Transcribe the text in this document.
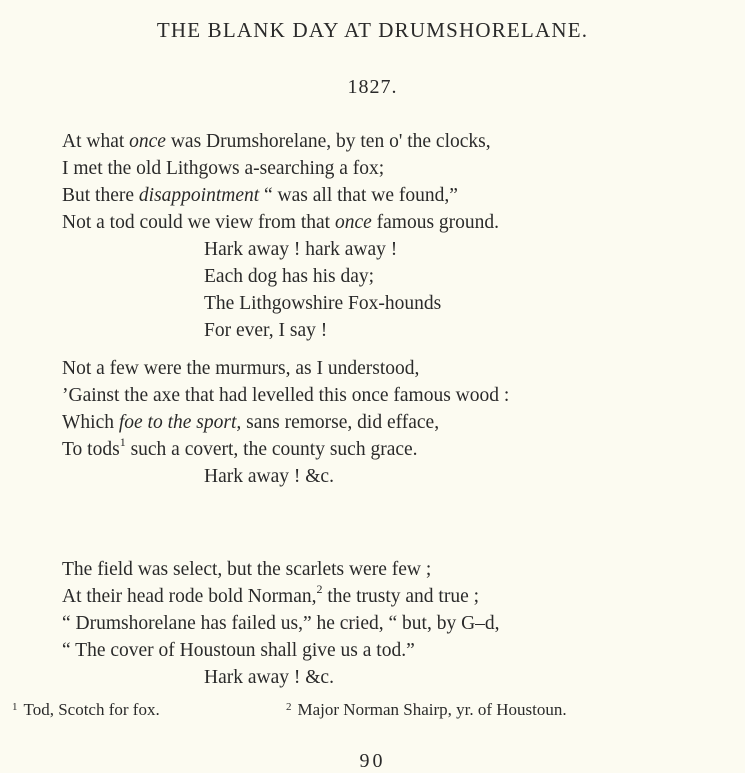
THE BLANK DAY AT DRUMSHORELANE.
1827.
At what once was Drumshorelane, by ten o' the clocks,
I met the old Lithgows a-searching a fox;
But there disappointment “ was all that we found,”
Not a tod could we view from that once famous ground.
Hark away ! hark away !
Each dog has his day;
The Lithgowshire Fox-hounds
For ever, I say !
Not a few were the murmurs, as I understood,
’Gainst the axe that had levelled this once famous wood :
Which foe to the sport, sans remorse, did efface,
To tods$^1$ such a covert, the county such grace.
Hark away ! &c.
The field was select, but the scarlets were few ;
At their head rode bold Norman,$^2$ the trusty and true ;
“ Drumshorelane has failed us,” he cried, “ but, by G–d,
“ The cover of Houstoun shall give us a tod.”
Hark away ! &c.
$^1$ Tod, Scotch for fox.	$^2$ Major Norman Shairp, yr. of Houstoun.
90
